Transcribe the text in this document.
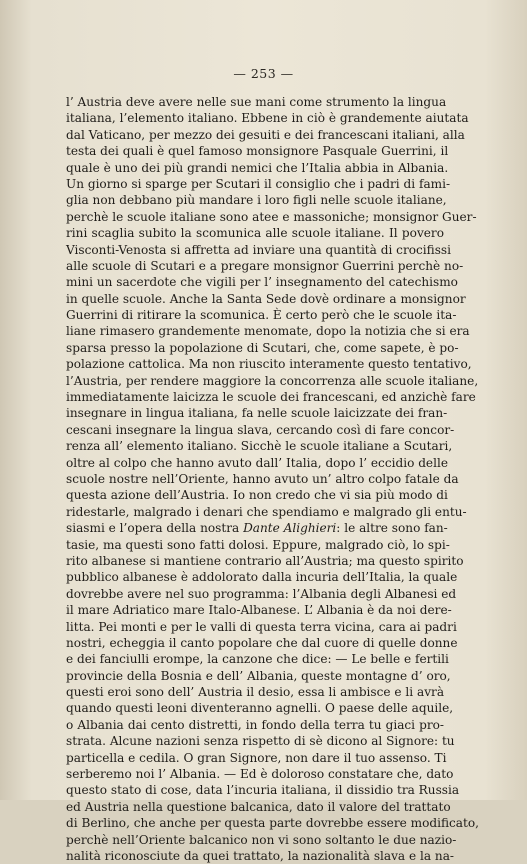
— 253 —
l’ Austria deve avere nelle sue mani come strumento la lingua
italiana, l’elemento italiano. Ebbene in ciò è grandemente aiutata
dal Vaticano, per mezzo dei gesuiti e dei francescani italiani, alla
testa dei quali è quel famoso monsignore Pasquale Guerrini, il
quale è uno dei più grandi nemici che l’Italia abbia in Albania.
Un giorno si sparge per Scutari il consiglio che i padri di fami-
glia non debbano più mandare i loro figli nelle scuole italiane,
perchè le scuole italiane sono atee e massoniche; monsignor Guer-
rini scaglia subito la scomunica alle scuole italiane. Il povero
Visconti-Venosta si affretta ad inviare una quantità di crocifissi
alle scuole di Scutari e a pregare monsignor Guerrini perchè no-
mini un sacerdote che vigili per l’ insegnamento del catechismo
in quelle scuole. Anche la Santa Sede dovè ordinare a monsignor
Guerrini di ritirare la scomunica. È certo però che le scuole ita-
liane rimasero grandemente menomate, dopo la notizia che si era
sparsa presso la popolazione di Scutari, che, come sapete, è po-
polazione cattolica. Ma non riuscito interamente questo tentativo,
l’Austria, per rendere maggiore la concorrenza alle scuole italiane,
immediatamente laicizza le scuole dei francescani, ed anzichè fare
insegnare in lingua italiana, fa nelle scuole laicizzate dei fran-
cescani insegnare la lingua slava, cercando così di fare concor-
renza all’ elemento italiano. Sicchè le scuole italiane a Scutari,
oltre al colpo che hanno avuto dall’ Italia, dopo l’ eccidio delle
scuole nostre nell’Oriente, hanno avuto un’ altro colpo fatale da
questa azione dell’Austria. Io non credo che vi sia più modo di
ridestarle, malgrado i denari che spendiamo e malgrado gli entu-
siasmi e l’opera della nostra Dante Alighieri: le altre sono fan-
tasie, ma questi sono fatti dolosi. Eppure, malgrado ciò, lo spi-
rito albanese si mantiene contrario all’Austria; ma questo spirito
pubblico albanese è addolorato dalla incuria dell’Italia, la quale
dovrebbe avere nel suo programma: l’Albania degli Albanesi ed
il mare Adriatico mare Italo-Albanese. L’ Albania è da noi dere-
litta. Pei monti e per le valli di questa terra vicina, cara ai padri
nostri, echeggia il canto popolare che dal cuore di quelle donne
e dei fanciulli erompe, la canzone che dice: — Le belle e fertili
provincie della Bosnia e dell’ Albania, queste montagne d’ oro,
questi eroi sono dell’ Austria il desio, essa li ambisce e li avrà
quando questi leoni diventeranno agnelli. O paese delle aquile,
o Albania dai cento distretti, in fondo della terra tu giaci pro-
strata. Alcune nazioni senza rispetto di sè dicono al Signore: tu
particella e cedila. O gran Signore, non dare il tuo assenso. Ti
serberemo noi l’ Albania. — Ed è doloroso constatare che, dato
questo stato di cose, data l’incuria italiana, il dissidio tra Russia
ed Austria nella questione balcanica, dato il valore del trattato
di Berlino, che anche per questa parte dovrebbe essere modificato,
perchè nell’Oriente balcanico non vi sono soltanto le due nazio-
nalità riconosciute da quei trattato, la nazionalità slava e la na-
